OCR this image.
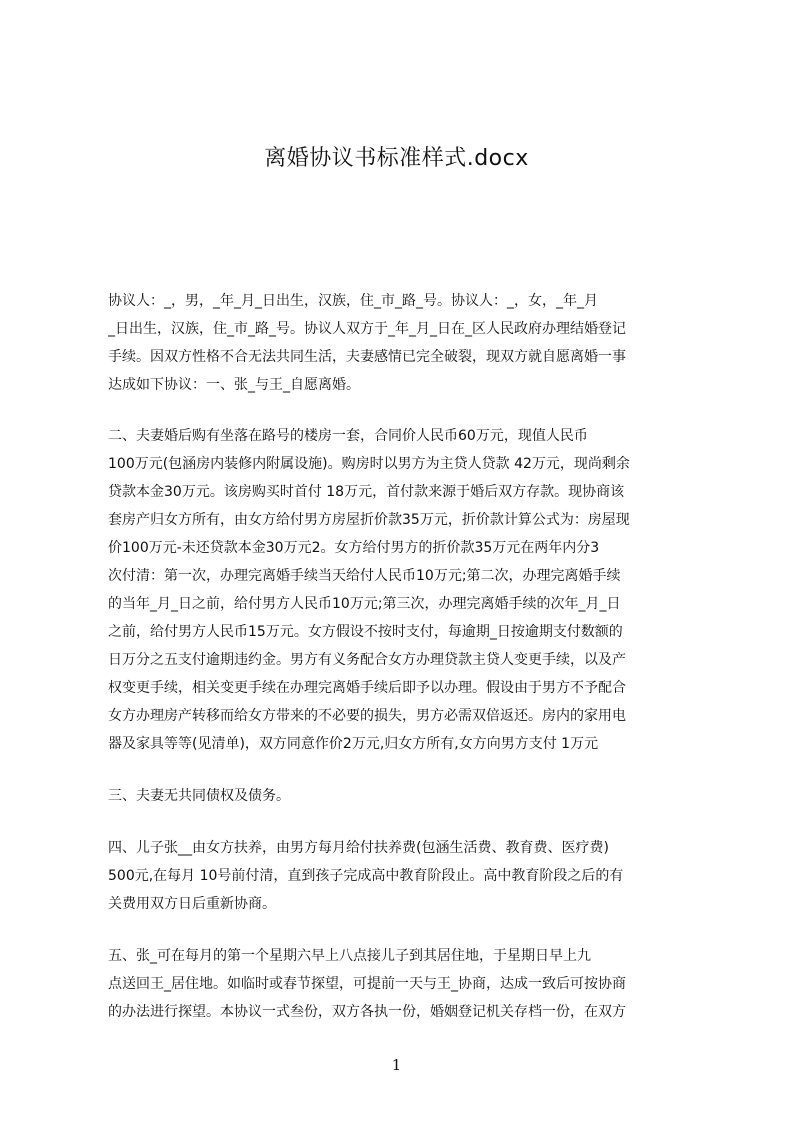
离婚协议书标准样式.docx
协议人：_，男，_年_月_日出生，汉族，住_市_路_号。协议人：_，女，_年_月
_日出生，汉族，住_市_路_号。协议人双方于_年_月_日在_区人民政府办理结婚登记
手续。因双方性格不合无法共同生活，夫妻感情已完全破裂，现双方就自愿离婚一事
达成如下协议：一、张_与王_自愿离婚。
二、夫妻婚后购有坐落在路号的楼房一套，合同价人民币60万元，现值人民币
100万元(包涵房内装修内附属设施)。购房时以男方为主贷人贷款 42万元，现尚剩余
贷款本金30万元。该房购买时首付 18万元，首付款来源于婚后双方存款。现协商该
套房产归女方所有，由女方给付男方房屋折价款35万元，折价款计算公式为：房屋现
价100万元-未还贷款本金30万元2。女方给付男方的折价款35万元在两年内分3
次付清：第一次，办理完离婚手续当天给付人民币10万元;第二次，办理完离婚手续
的当年_月_日之前，给付男方人民币10万元;第三次，办理完离婚手续的次年_月_日
之前，给付男方人民币15万元。女方假设不按时支付，每逾期_日按逾期支付数额的
日万分之五支付逾期违约金。男方有义务配合女方办理贷款主贷人变更手续，以及产
权变更手续，相关变更手续在办理完离婚手续后即予以办理。假设由于男方不予配合
女方办理房产转移而给女方带来的不必要的损失，男方必需双倍返还。房内的家用电
器及家具等等(见清单)，双方同意作价2万元,归女方所有,女方向男方支付 1万元
三、夫妻无共同债权及债务。
四、儿子张__由女方扶养，由男方每月给付扶养费(包涵生活费、教育费、医疗费)
500元,在每月 10号前付清，直到孩子完成高中教育阶段止。高中教育阶段之后的有
关费用双方日后重新协商。
五、张_可在每月的第一个星期六早上八点接儿子到其居住地，于星期日早上九
点送回王_居住地。如临时或春节探望，可提前一天与王_协商，达成一致后可按协商
的办法进行探望。本协议一式叁份，双方各执一份，婚姻登记机关存档一份，在双方
1
